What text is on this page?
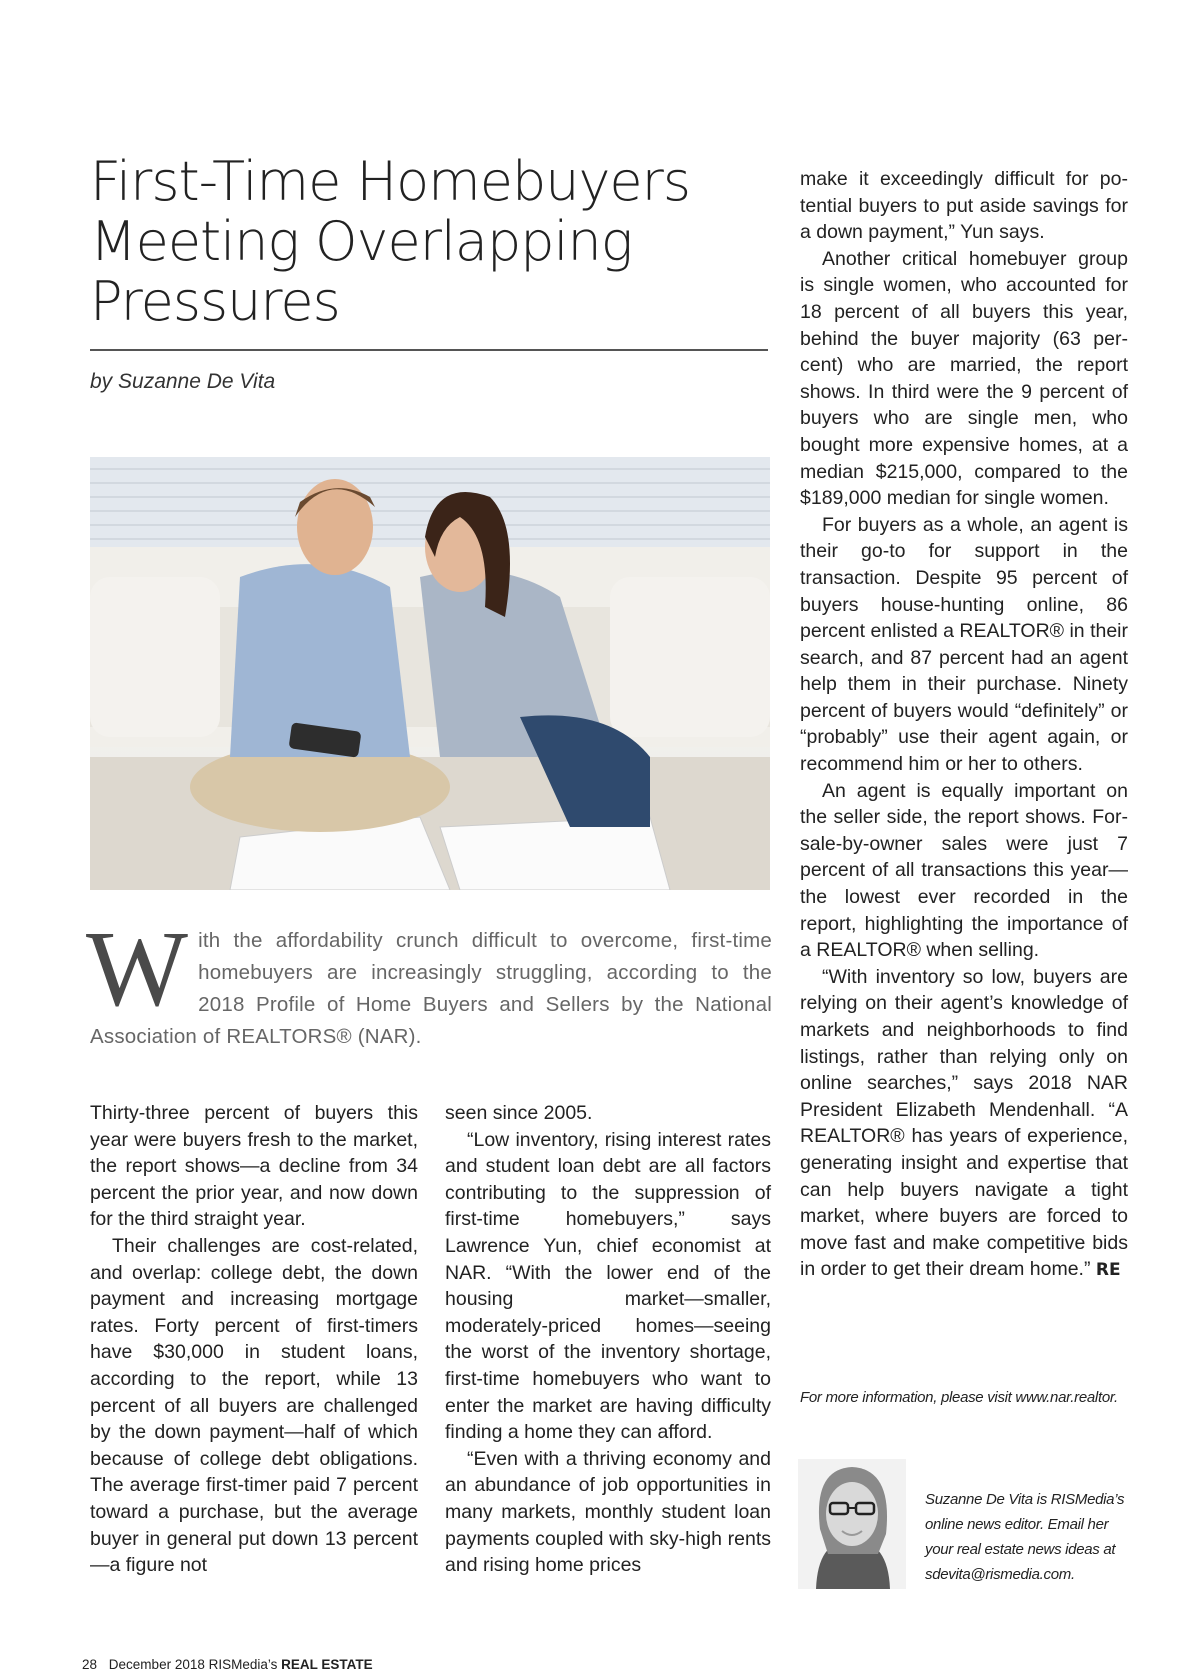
First-Time Homebuyers
Meeting Overlapping
Pressures
by Suzanne De Vita
With the affordability crunch difficult to overcome, first-time homebuyers are increasingly struggling, according to the 2018 Profile of Home Buyers and Sellers by the National Association of REALTORS® (NAR).

Thirty-three percent of buyers this year were buyers fresh to the market, the report shows—a decline from 34 percent the prior year, and now down for the third straight year.

Their challenges are cost-related, and overlap: college debt, the down payment and increasing mortgage rates. Forty percent of first-timers have $30,000 in student loans, according to the report, while 13 percent of all buyers are challenged by the down payment—half of which because of college debt obligations. The average first-timer paid 7 percent toward a purchase, but the average buyer in general put down 13 percent—a figure not

seen since 2005.

“Low inventory, rising interest rates and student loan debt are all factors contributing to the suppression of first-time homebuyers,” says Lawrence Yun, chief economist at NAR. “With the lower end of the housing market—smaller, moderately-priced homes—seeing the worst of the inventory shortage, first-time homebuyers who want to enter the market are having difficulty finding a home they can afford.

“Even with a thriving economy and an abundance of job opportunities in many markets, monthly student loan payments coupled with sky-high rents and rising home prices

make it exceedingly difficult for potential buyers to put aside savings for a down payment,” Yun says.

Another critical homebuyer group is single women, who accounted for 18 percent of all buyers this year, behind the buyer majority (63 percent) who are married, the report shows. In third were the 9 percent of buyers who are single men, who bought more expensive homes, at a median $215,000, compared to the $189,000 median for single women.

For buyers as a whole, an agent is their go-to for support in the transaction. Despite 95 percent of buyers house-hunting online, 86 percent enlisted a REALTOR® in their search, and 87 percent had an agent help them in their purchase. Ninety percent of buyers would “definitely” or “probably” use their agent again, or recommend him or her to others.

An agent is equally important on the seller side, the report shows. For-sale-by-owner sales were just 7 percent of all transactions this year—the lowest ever recorded in the report, highlighting the importance of a REALTOR® when selling.

“With inventory so low, buyers are relying on their agent’s knowledge of markets and neighborhoods to find listings, rather than relying only on online searches,” says 2018 NAR President Elizabeth Mendenhall. “A REALTOR® has years of experience, generating insight and expertise that can help buyers navigate a tight market, where buyers are forced to move fast and make competitive bids in order to get their dream home.” RE

For more information, please visit www.nar.realtor.
Suzanne De Vita is RISMedia’s
online news editor. Email her
your real estate news ideas at
sdevita@rismedia.com.
28 December 2018 RISMedia’s REAL ESTATE
